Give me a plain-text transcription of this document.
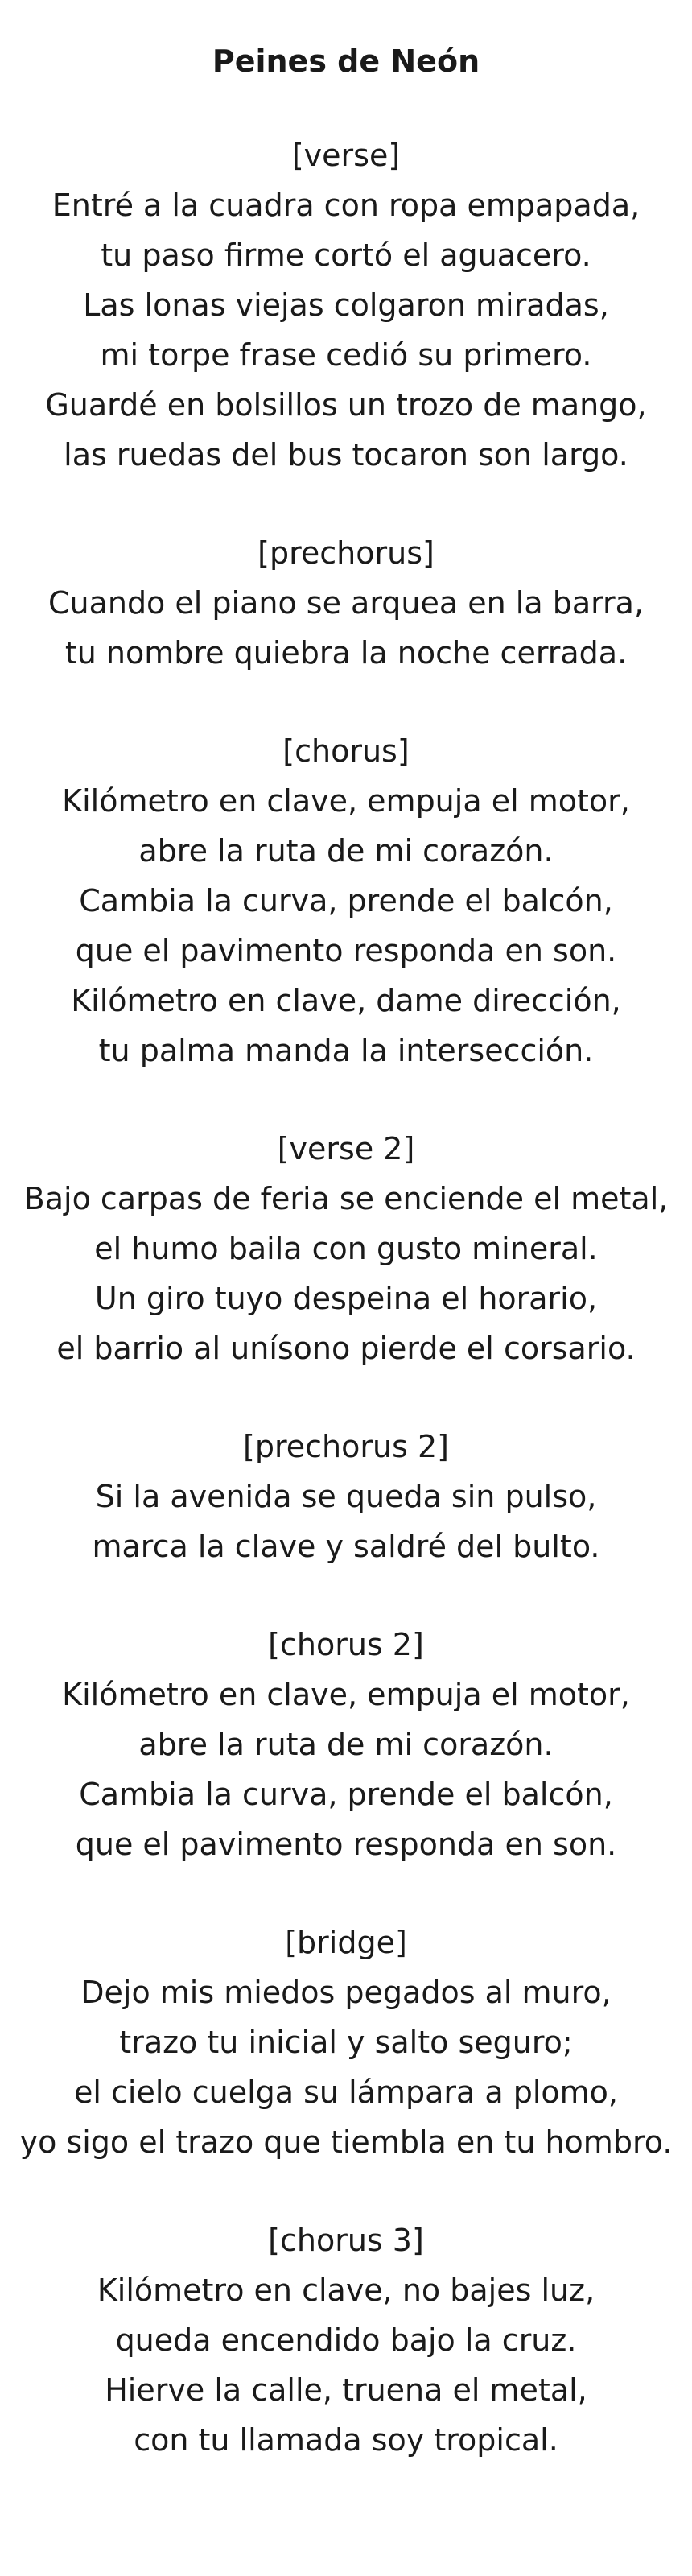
Peines de Neón

[verse]

Entré a la cuadra con ropa empapada,

tu paso firme cortó el aguacero.

Las lonas viejas colgaron miradas,

mi torpe frase cedió su primero.

Guardé en bolsillos un trozo de mango,

las ruedas del bus tocaron son largo.

[prechorus]

Cuando el piano se arquea en la barra,

tu nombre quiebra la noche cerrada.

[chorus]

Kilómetro en clave, empuja el motor,

abre la ruta de mi corazón.

Cambia la curva, prende el balcón,

que el pavimento responda en son.

Kilómetro en clave, dame dirección,

tu palma manda la intersección.

[verse 2]

Bajo carpas de feria se enciende el metal,

el humo baila con gusto mineral.

Un giro tuyo despeina el horario,

el barrio al unísono pierde el corsario.

[prechorus 2]

Si la avenida se queda sin pulso,

marca la clave y saldré del bulto.

[chorus 2]

Kilómetro en clave, empuja el motor,

abre la ruta de mi corazón.

Cambia la curva, prende el balcón,

que el pavimento responda en son.

[bridge]

Dejo mis miedos pegados al muro,

trazo tu inicial y salto seguro;

el cielo cuelga su lámpara a plomo,

yo sigo el trazo que tiembla en tu hombro.

[chorus 3]

Kilómetro en clave, no bajes luz,

queda encendido bajo la cruz.

Hierve la calle, truena el metal,

con tu llamada soy tropical.
